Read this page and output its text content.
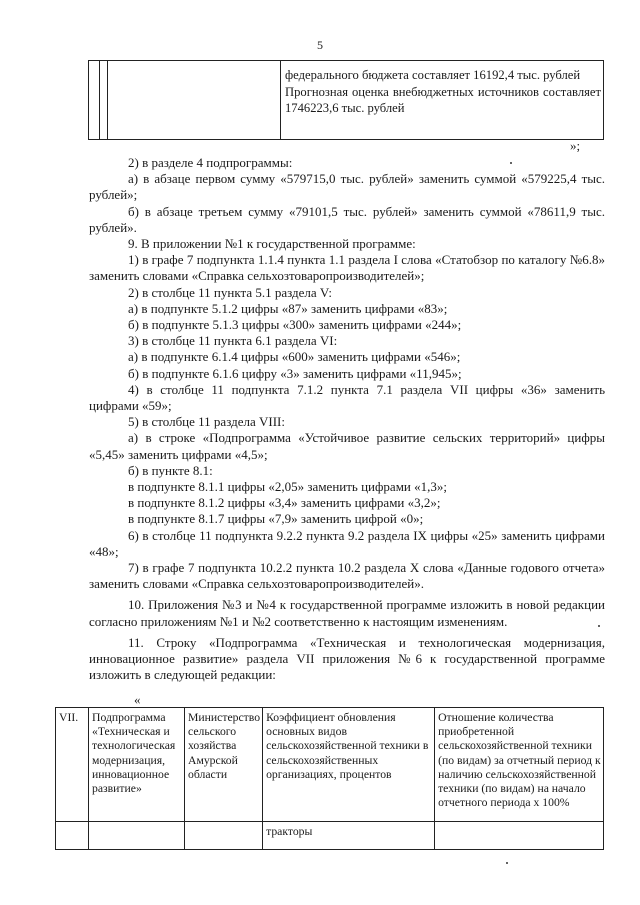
5

федерального бюджета составляет 16192,4 тыс. рублей
Прогнозная оценка внебюджетных источников составляет 1746223,6 тыс. рублей
»;

2) в разделе 4 подпрограммы:

а) в абзаце первом сумму «579715,0 тыс. рублей» заменить суммой «579225,4 тыс. рублей»;

б) в абзаце третьем сумму «79101,5 тыс. рублей» заменить суммой «78611,9 тыс. рублей».

9. В приложении №1 к государственной программе:

1) в графе 7 подпункта 1.1.4 пункта 1.1 раздела I слова «Статобзор по каталогу №6.8» заменить словами «Справка сельхозтоваропроизводителей»;

2) в столбце 11 пункта 5.1 раздела V:

а) в подпункте 5.1.2 цифры «87» заменить цифрами «83»;

б) в подпункте 5.1.3 цифры «300» заменить цифрами «244»;

3) в столбце 11 пункта 6.1 раздела VI:

а) в подпункте 6.1.4 цифры «600» заменить цифрами «546»;

б) в подпункте 6.1.6 цифру «3» заменить цифрами «11,945»;

4) в столбце 11 подпункта 7.1.2 пункта 7.1 раздела VII цифры «36» заменить цифрами «59»;

5) в столбце 11 раздела VIII:

а) в строке «Подпрограмма «Устойчивое развитие сельских территорий» цифры «5,45» заменить цифрами «4,5»;

б) в пункте 8.1:

в подпункте 8.1.1 цифры «2,05» заменить цифрами «1,3»;

в подпункте 8.1.2 цифры «3,4» заменить цифрами «3,2»;

в подпункте 8.1.7 цифры «7,9» заменить цифрой «0»;

6) в столбце 11 подпункта 9.2.2 пункта 9.2 раздела IX цифры «25» заменить цифрами «48»;

7) в графе 7 подпункта 10.2.2 пункта 10.2 раздела X слова «Данные годового отчета» заменить словами «Справка сельхозтоваропроизводителей».

10. Приложения №3 и №4 к государственной программе изложить в новой редакции согласно приложениям №1 и №2 соответственно к настоящим изменениям.

11. Строку «Подпрограмма «Техническая и технологическая модернизация, инновационное развитие» раздела VII приложения №6 к государственной программе изложить в следующей редакции:

«
VII.	Подпрограмма «Техническая и технологическая модернизация, инновационное развитие»	Министерство сельского хозяйства Амурской области	Коэффициент обновления основных видов сельскохозяйственной техники в сельскохозяйственных организациях, процентов	Отношение количества приобретенной сельскохозяйственной техники (по видам) за отчетный период к наличию сельскохозяйственной техники (по видам) на начало отчетного периода х 100%
			тракторы	
